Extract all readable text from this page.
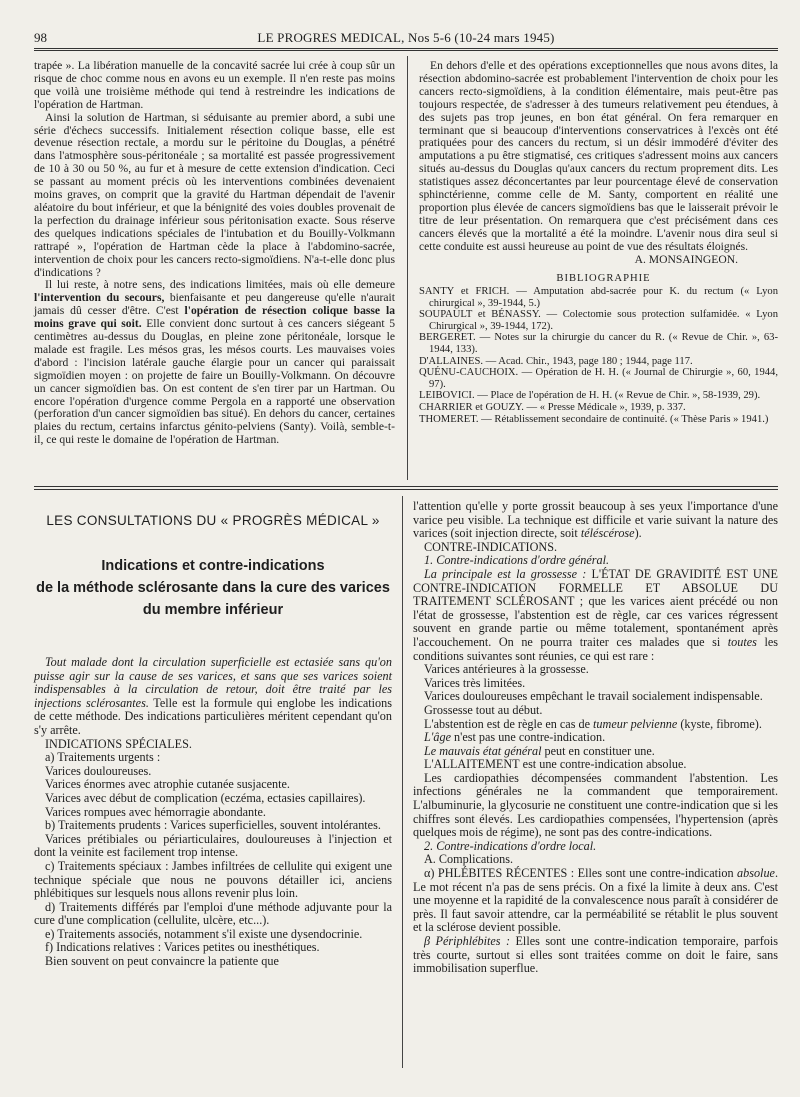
98	LE PROGRES MEDICAL, Nos 5-6 (10-24 mars 1945)

trapée ». La libération manuelle de la concavité sacrée lui crée à coup sûr un risque de choc comme nous en avons eu un exemple. Il n'en reste pas moins que voilà une troisième méthode qui tend à restreindre les indications de l'opération de Hartman.

Ainsi la solution de Hartman, si séduisante au premier abord, a subi une série d'échecs successifs. Initialement résection colique basse, elle est devenue résection rectale, a mordu sur le péritoine du Douglas, a pénétré dans l'atmosphère sous-péritonéale ; sa mortalité est passée progressivement de 10 à 30 ou 50 %, au fur et à mesure de cette extension d'indication. Ceci se passant au moment précis où les interventions combinées devenaient moins graves, on comprit que la gravité du Hartman dépendait de l'avenir aléatoire du bout inférieur, et que la bénignité des voies doubles provenait de la perfection du drainage inférieur sous péritonisation exacte. Sous réserve des quelques indications spéciales de l'intubation et du Bouilly-Volkmann rattrapé », l'opération de Hartman cède la place à l'abdomino-sacrée, intervention de choix pour les cancers recto-sigmoïdiens. N'a-t-elle donc plus d'indications ?

Il lui reste, à notre sens, des indications limitées, mais où elle demeure l'intervention du secours, bienfaisante et peu dangereuse qu'elle n'aurait jamais dû cesser d'être. C'est l'opération de résection colique basse la moins grave qui soit. Elle convient donc surtout à ces cancers siégeant 5 centimètres au-dessus du Douglas, en pleine zone péritonéale, lorsque le malade est fragile. Les mésos gras, les mésos courts. Les mauvaises voies d'abord : l'incision latérale gauche élargie pour un cancer qui paraissait sigmoïdien moyen : on projette de faire un Bouilly-Volkmann. On découvre un cancer sigmoïdien bas. On est content de s'en tirer par un Hartman. Ou encore l'opération d'urgence comme Pergola en a rapporté une observation (perforation d'un cancer sigmoïdien bas situé). En dehors du cancer, certaines plaies du rectum, certains infarctus génito-pelviens (Santy). Voilà, semble-t-il, ce qui reste le domaine de l'opération de Hartman.

En dehors d'elle et des opérations exceptionnelles que nous avons dites, la résection abdomino-sacrée est probablement l'intervention de choix pour les cancers recto-sigmoïdiens, à la condition élémentaire, mais peut-être pas toujours respectée, de s'adresser à des tumeurs relativement peu étendues, à des sujets pas trop jeunes, en bon état général. On fera remarquer en terminant que si beaucoup d'interventions conservatrices à l'excès ont été pratiquées pour des cancers du rectum, si un désir immodéré d'éviter des amputations a pu être stigmatisé, ces critiques s'adressent moins aux cancers situés au-dessus du Douglas qu'aux cancers du rectum proprement dits. Les statistiques assez déconcertantes par leur pourcentage élevé de conservation sphinctérienne, comme celle de M. Santy, comportent en réalité une proportion plus élevée de cancers sigmoïdiens bas que le laisserait prévoir le titre de leur présentation. On remarquera que c'est précisément dans ces cancers élevés que la mortalité a été la moindre. L'avenir nous dira seul si cette conduite est aussi heureuse au point de vue des résultats éloignés.

A. MONSAINGEON.

BIBLIOGRAPHIE

SANTY et FRICH. — Amputation abd-sacrée pour K. du rectum (« Lyon chirurgical », 39-1944, 5.)

SOUPAULT et BÉNASSY. — Colectomie sous protection sulfamidée. « Lyon Chirurgical », 39-1944, 172).

BERGERET. — Notes sur la chirurgie du cancer du R. (« Revue de Chir. », 63-1944, 133).

D'ALLAINES. — Acad. Chir., 1943, page 180 ; 1944, page 117.

QUÉNU-CAUCHOIX. — Opération de H. H. (« Journal de Chirurgie », 60, 1944, 97).

LEIBOVICI. — Place de l'opération de H. H. (« Revue de Chir. », 58-1939, 29).

CHARRIER et GOUZY. — « Presse Médicale », 1939, p. 337.

THOMERET. — Rétablissement secondaire de continuité. (« Thèse Paris » 1941.)

LES CONSULTATIONS DU « PROGRÈS MÉDICAL »
Indications et contre-indications
de la méthode sclérosante dans la cure des varices
du membre inférieur

Tout malade dont la circulation superficielle est ectasiée sans qu'on puisse agir sur la cause de ses varices, et sans que ses varices soient indispensables à la circulation de retour, doit être traité par les injections sclérosantes. Telle est la formule qui englobe les indications de cette méthode. Des indications particulières méritent cependant qu'on s'y arrête.

INDICATIONS SPÉCIALES.

a) Traitements urgents :

Varices douloureuses.

Varices énormes avec atrophie cutanée susjacente.

Varices avec début de complication (eczéma, ectasies capillaires).

Varices rompues avec hémorragie abondante.

b) Traitements prudents : Varices superficielles, souvent intolérantes.

Varices prétibiales ou périarticulaires, douloureuses à l'injection et dont la veinite est facilement trop intense.

c) Traitements spéciaux : Jambes infiltrées de cellulite qui exigent une technique spéciale que nous ne pouvons détailler ici, anciens phlébitiques sur lesquels nous allons revenir plus loin.

d) Traitements différés par l'emploi d'une méthode adjuvante pour la cure d'une complication (cellulite, ulcère, etc...).

e) Traitements associés, notamment s'il existe une dysendocrinie.

f) Indications relatives : Varices petites ou inesthétiques.

Bien souvent on peut convaincre la patiente que

l'attention qu'elle y porte grossit beaucoup à ses yeux l'importance d'une varice peu visible. La technique est difficile et varie suivant la nature des varices (soit injection directe, soit téléscérose).

CONTRE-INDICATIONS.

1. Contre-indications d'ordre général.

La principale est la grossesse : L'ÉTAT DE GRAVIDITÉ EST UNE CONTRE-INDICATION FORMELLE ET ABSOLUE DU TRAITEMENT SCLÉROSANT ; que les varices aient précédé ou non l'état de grossesse, l'abstention est de règle, car ces varices régressent souvent en grande partie ou même totalement, spontanément après l'accouchement. On ne pourra traiter ces malades que si toutes les conditions suivantes sont réunies, ce qui est rare :

Varices antérieures à la grossesse.

Varices très limitées.

Varices douloureuses empêchant le travail socialement indispensable.

Grossesse tout au début.

L'abstention est de règle en cas de tumeur pelvienne (kyste, fibrome).

L'âge n'est pas une contre-indication.

Le mauvais état général peut en constituer une.

L'ALLAITEMENT est une contre-indication absolue.

Les cardiopathies décompensées commandent l'abstention. Les infections générales ne la commandent que temporairement. L'albuminurie, la glycosurie ne constituent une contre-indication que si les chiffres sont élevés. Les cardiopathies compensées, l'hypertension (après quelques mois de régime), ne sont pas des contre-indications.

2. Contre-indications d'ordre local.

A. Complications.

α) PHLÉBITES RÉCENTES : Elles sont une contre-indication absolue. Le mot récent n'a pas de sens précis. On a fixé la limite à deux ans. C'est une moyenne et la rapidité de la convalescence nous paraît à considérer de près. Il faut savoir attendre, car la perméabilité se rétablit le plus souvent et la sclérose devient possible.

β Périphlébites : Elles sont une contre-indication temporaire, parfois très courte, surtout si elles sont traitées comme on doit le faire, sans immobilisation superflue.
